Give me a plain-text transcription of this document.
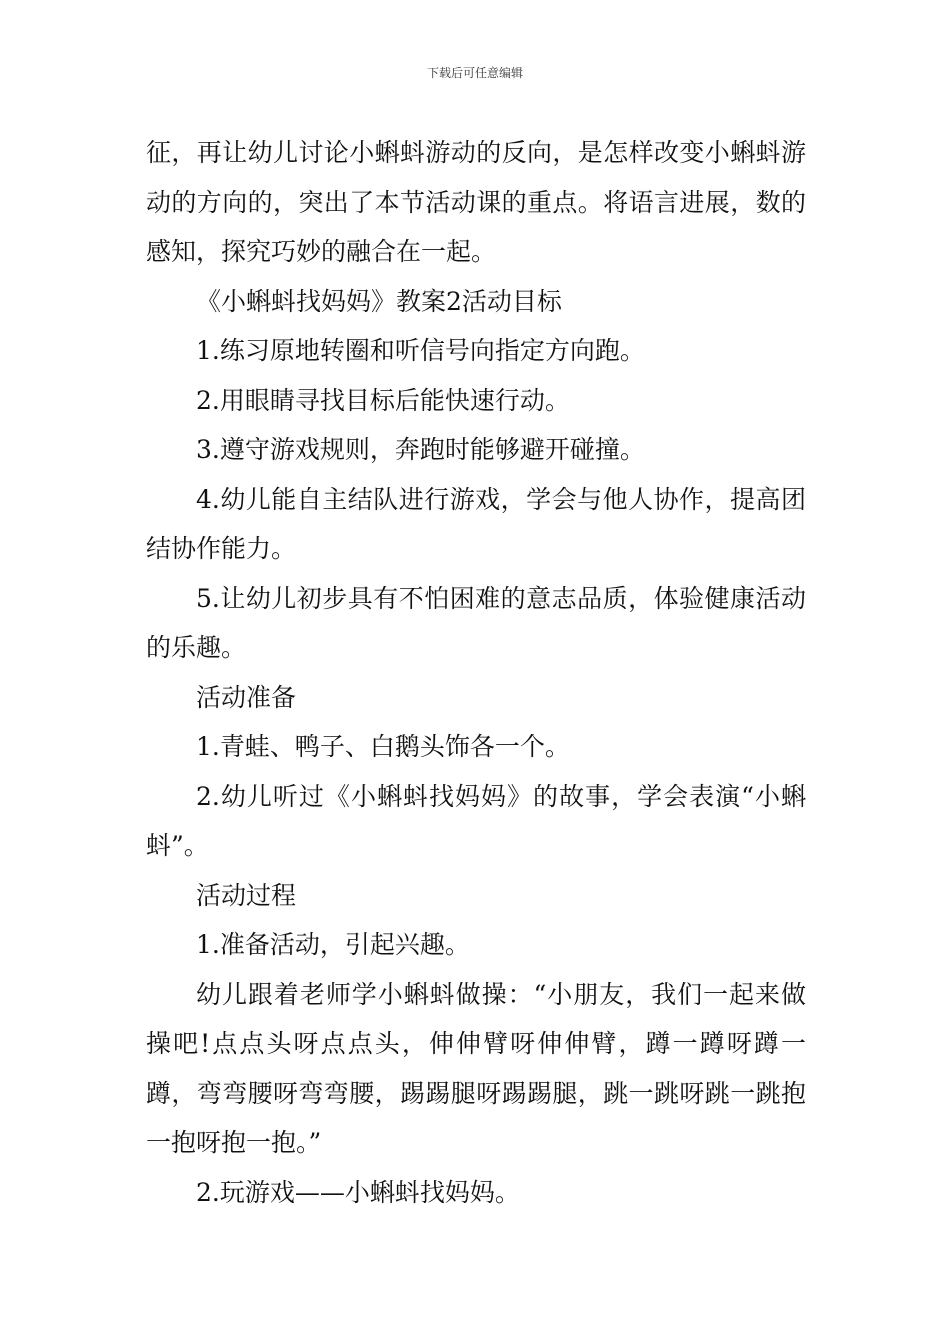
下载后可任意编辑

征，再让幼儿讨论小蝌蚪游动的反向，是怎样改变小蝌蚪游动的方向的，突出了本节活动课的重点。将语言进展，数的感知，探究巧妙的融合在一起。

《小蝌蚪找妈妈》教案2活动目标

1.练习原地转圈和听信号向指定方向跑。

2.用眼睛寻找目标后能快速行动。

3.遵守游戏规则，奔跑时能够避开碰撞。

4.幼儿能自主结队进行游戏，学会与他人协作，提高团结协作能力。

5.让幼儿初步具有不怕困难的意志品质，体验健康活动的乐趣。

活动准备

1.青蛙、鸭子、白鹅头饰各一个。

2.幼儿听过《小蝌蚪找妈妈》的故事，学会表演“小蝌蚪”。

活动过程

1.准备活动，引起兴趣。

幼儿跟着老师学小蝌蚪做操：“小朋友，我们一起来做操吧!点点头呀点点头，伸伸臂呀伸伸臂，蹲一蹲呀蹲一蹲，弯弯腰呀弯弯腰，踢踢腿呀踢踢腿，跳一跳呀跳一跳抱一抱呀抱一抱。”

2.玩游戏——小蝌蚪找妈妈。
